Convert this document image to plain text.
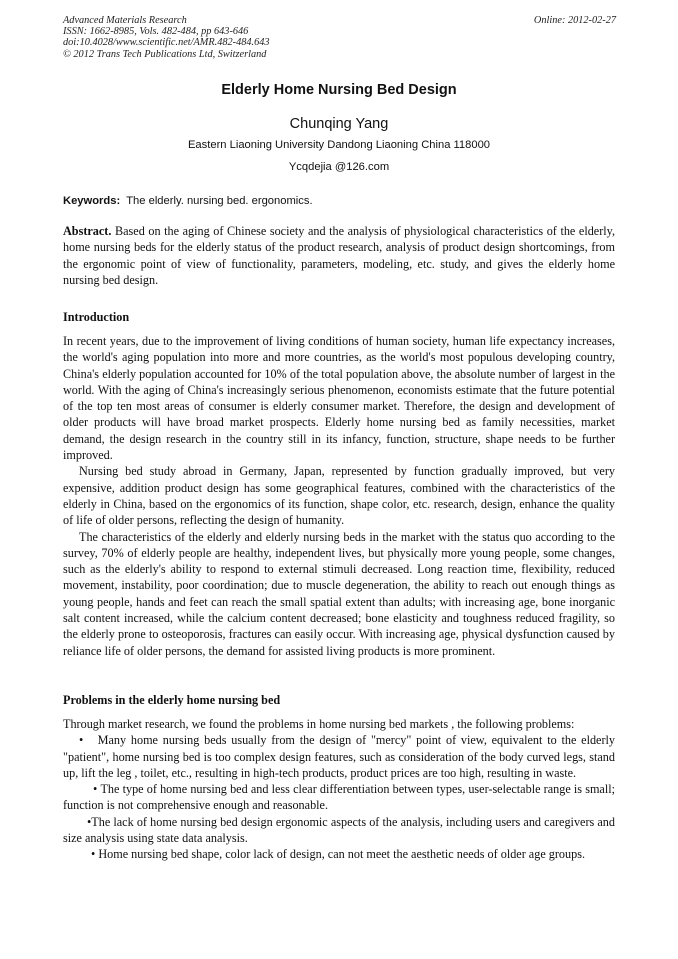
Advanced Materials Research
ISSN: 1662-8985, Vols. 482-484, pp 643-646
doi:10.4028/www.scientific.net/AMR.482-484.643
© 2012 Trans Tech Publications Ltd, Switzerland
Online: 2012-02-27
Elderly Home Nursing Bed Design
Chunqing Yang
Eastern Liaoning University Dandong Liaoning China 118000
Ycqdejia @126.com
Keywords: The elderly. nursing bed. ergonomics.

Abstract. Based on the aging of Chinese society and the analysis of physiological characteristics of the elderly, home nursing beds for the elderly status of the product research, analysis of product design shortcomings, from the ergonomic point of view of functionality, parameters, modeling, etc. study, and gives the elderly home nursing bed design.

Introduction

In recent years, due to the improvement of living conditions of human society, human life expectancy increases, the world's aging population into more and more countries, as the world's most populous developing country, China's elderly population accounted for 10% of the total population above, the absolute number of largest in the world. With the aging of China's increasingly serious phenomenon, economists estimate that the future potential of the top ten most areas of consumer is elderly consumer market. Therefore, the design and development of older products will have broad market prospects. Elderly home nursing bed as family necessities, market demand, the design research in the country still in its infancy, function, structure, shape needs to be further improved.

Nursing bed study abroad in Germany, Japan, represented by function gradually improved, but very expensive, addition product design has some geographical features, combined with the characteristics of the elderly in China, based on the ergonomics of its function, shape color, etc. research, design, enhance the quality of life of older persons, reflecting the design of humanity.

The characteristics of the elderly and elderly nursing beds in the market with the status quo according to the survey, 70% of elderly people are healthy, independent lives, but physically more young people, some changes, such as the elderly's ability to respond to external stimuli decreased. Long reaction time, flexibility, reduced movement, instability, poor coordination; due to muscle degeneration, the ability to reach out enough things as young people, hands and feet can reach the small spatial extent than adults; with increasing age, bone inorganic salt content increased, while the calcium content decreased; bone elasticity and toughness reduced fragility, so the elderly prone to osteoporosis, fractures can easily occur. With increasing age, physical dysfunction caused by reliance life of older persons, the demand for assisted living products is more prominent.

Problems in the elderly home nursing bed

Through market research, we found the problems in home nursing bed markets , the following problems:

• Many home nursing beds usually from the design of "mercy" point of view, equivalent to the elderly "patient", home nursing bed is too complex design features, such as consideration of the body curved legs, stand up, lift the leg , toilet, etc., resulting in high-tech products, product prices are too high, resulting in waste.

• The type of home nursing bed and less clear differentiation between types, user-selectable range is small; function is not comprehensive enough and reasonable.

•The lack of home nursing bed design ergonomic aspects of the analysis, including users and caregivers and size analysis using state data analysis.

• Home nursing bed shape, color lack of design, can not meet the aesthetic needs of older age groups.
